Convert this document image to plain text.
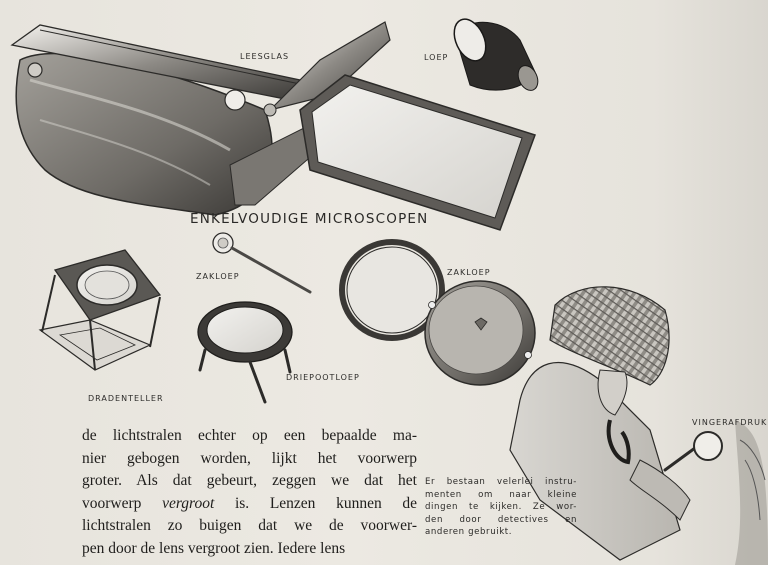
ENKELVOUDIGE MICROSCOPEN
LEESGLAS	LOEP
ZAKLOEP	ZAKLOEP
DRADENTELLER
DRIEPOOTLOEP
VINGERAFDRUK
de lichtstralen echter op een bepaalde ma-
nier gebogen worden, lijkt het voorwerp
groter. Als dat gebeurt, zeggen we dat het
voorwerp vergroot is. Lenzen kunnen de
lichtstralen zo buigen dat we de voorwer-
pen door de lens vergroot zien. Iedere lens
Er bestaan velerlei instru-
menten om naar kleine
dingen te kijken. Ze wor-
den door detectives en
anderen gebruikt.
